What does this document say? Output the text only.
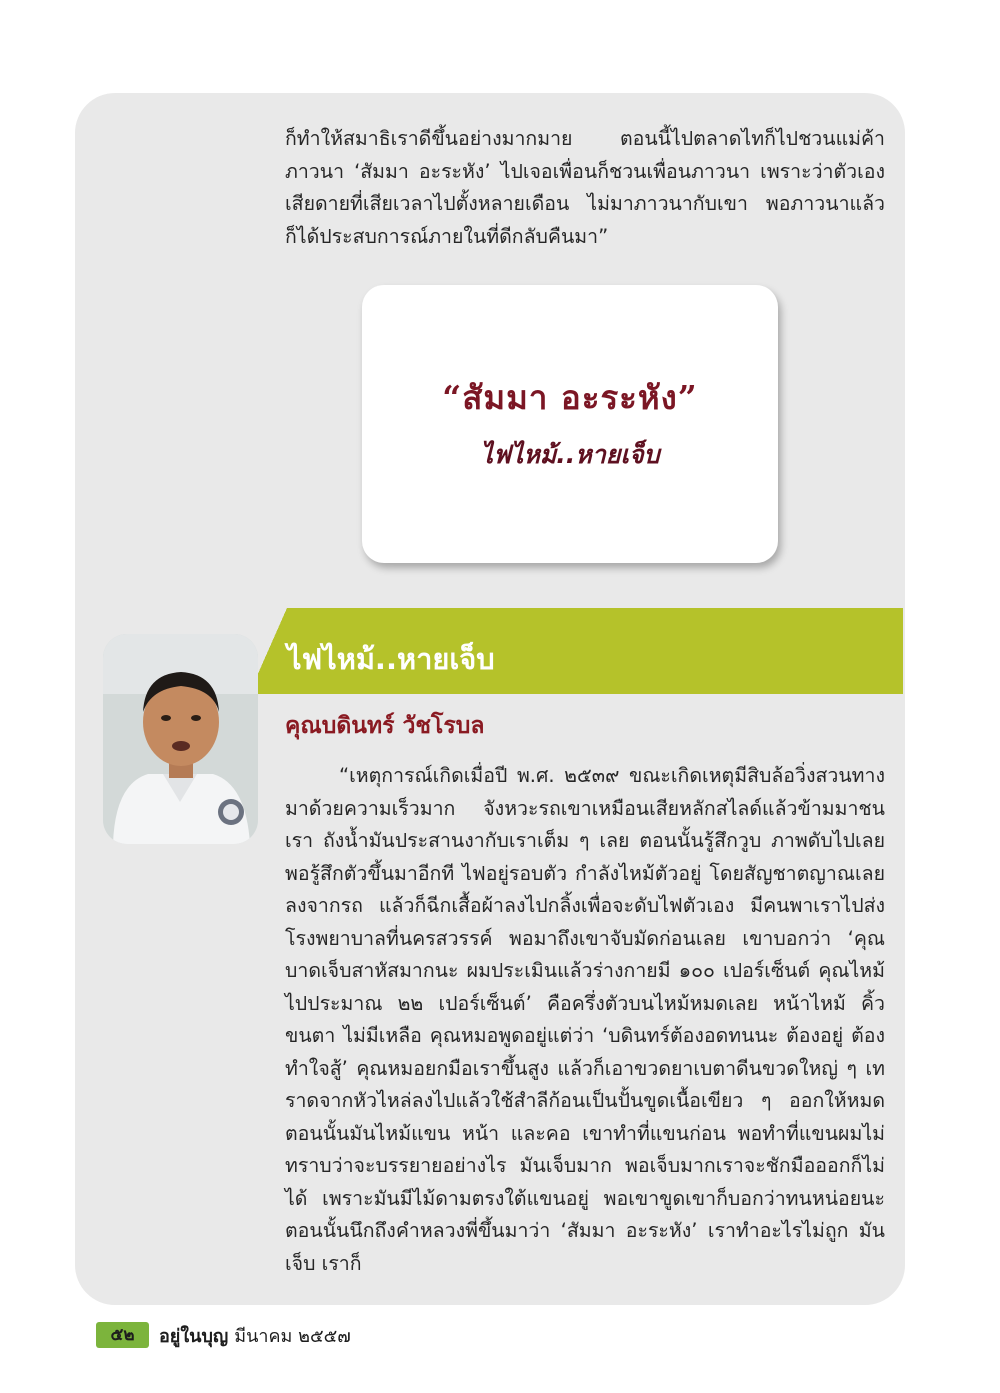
ก็ทำให้สมาธิเราดีขึ้นอย่างมากมาย ตอนนี้ไปตลาดไทก็ไปชวนแม่ค้าภาวนา ‘สัมมา อะระหัง’ ไปเจอเพื่อนก็ชวนเพื่อนภาวนา เพราะว่าตัวเองเสียดายที่เสียเวลาไปตั้งหลายเดือน ไม่มาภาวนากับเขา พอภาวนาแล้วก็ได้ประสบการณ์ภายในที่ดีกลับคืนมา”

“สัมมา อะระหัง”
ไฟไหม้..หายเจ็บ
ไฟไหม้..หายเจ็บ
คุณบดินทร์ วัชโรบล

“เหตุการณ์เกิดเมื่อปี พ.ศ. ๒๕๓๙ ขณะเกิดเหตุมีสิบล้อวิ่งสวนทางมาด้วยความเร็วมาก จังหวะรถเขาเหมือนเสียหลักสไลด์แล้วข้ามมาชนเรา ถังน้ำมันประสานงากับเราเต็ม ๆ เลย ตอนนั้นรู้สึกวูบ ภาพดับไปเลย พอรู้สึกตัวขึ้นมาอีกที ไฟอยู่รอบตัว กำลังไหม้ตัวอยู่ โดยสัญชาตญาณเลยลงจากรถ แล้วก็ฉีกเสื้อผ้าลงไปกลิ้งเพื่อจะดับไฟตัวเอง มีคนพาเราไปส่งโรงพยาบาลที่นครสวรรค์ พอมาถึงเขาจับมัดก่อนเลย เขาบอกว่า ‘คุณบาดเจ็บสาหัสมากนะ ผมประเมินแล้วร่างกายมี ๑๐๐ เปอร์เซ็นต์ คุณไหม้ไปประมาณ ๒๒ เปอร์เซ็นต์’ คือครึ่งตัวบนไหม้หมดเลย หน้าไหม้ คิ้ว ขนตา ไม่มีเหลือ คุณหมอพูดอยู่แต่ว่า ‘บดินทร์ต้องอดทนนะ ต้องอยู่ ต้องทำใจสู้’ คุณหมอยกมือเราขึ้นสูง แล้วก็เอาขวดยาเบตาดีนขวดใหญ่ ๆ เทราดจากหัวไหล่ลงไปแล้วใช้สำลีก้อนเป็นปั้นขูดเนื้อเขียว ๆ ออกให้หมด ตอนนั้นมันไหม้แขน หน้า และคอ เขาทำที่แขนก่อน พอทำที่แขนผมไม่ทราบว่าจะบรรยายอย่างไร มันเจ็บมาก พอเจ็บมากเราจะชักมือออกก็ไม่ได้ เพราะมันมีไม้ดามตรงใต้แขนอยู่ พอเขาขูดเขาก็บอกว่าทนหน่อยนะ ตอนนั้นนึกถึงคำหลวงพี่ขึ้นมาว่า ‘สัมมา อะระหัง’ เราทำอะไรไม่ถูก มันเจ็บ เราก็

๕๒	อยู่ในบุญ มีนาคม ๒๕๕๗
